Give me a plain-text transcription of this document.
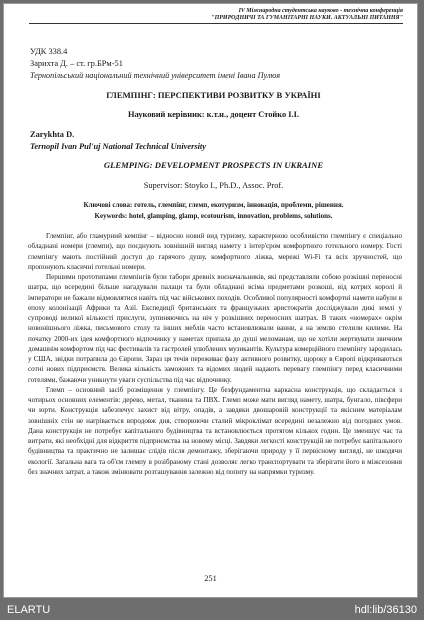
IV Міжнародна студентська науково - технічна конференція
"ПРИРОДНИЧІ ТА ГУМАНІТАРНІ НАУКИ. АКТУАЛЬНІ ПИТАННЯ"
УДК 338.4
Зарихта Д. – ст. гр.БРм-51
Тернопільський національний технічний університет імені Івана Пулюя
ГЛЕМПІНГ: ПЕРСПЕКТИВИ РОЗВИТКУ В УКРАЇНІ
Науковий керівник: к.т.н., доцент Стойко І.І.
Zarykhta D.
Ternopil Ivan Pul'uj National Technical University
GLEMPING: DEVELOPMENT PROSPECTS IN UKRAINE
Supervisor: Stoyko I., Ph.D., Assoc. Prof.
Ключові слова: готель, глемпінг, глемп, екотуризм, інновація, проблеми, рішення.
Keywords: hotel, glamping, glamp, ecotourism, innovation, problems, solutions.

Глемпінг, або гламурний кемпінг – відносно новий вид туризму, характерною особливістю глемпінгу є спеціально обладнані номери (глемпи), що поєднують зовнішній вигляд намету з інтер'єром комфортного готельного номеру. Гості глемпінгу мають постійний доступ до гарячого душу, комфортного ліжка, мережі Wi-Fi та всіх зручностей, що пропонують класичні готельні номери.

Першими прототипами глемпінгів були табори древніх воєначальників, які представляли собою розкішні переносні шатра, що всередині більше нагадували палаци та були обладнані всіма предметами розкоші, від котрих королі й імператори не бажали відмовлятися навіть під час військових походів. Особливої популярності комфортні намети набули в епоху колонізації Африки та Азії. Експедиції британських та французьких аристократів досліджували дикі землі у супроводі великої кількості прислуги, зупиняючись на ніч у розкішних переносних шатрах. В таких «номерах» окрім новонішнього ліжка, письмового столу та інших меблів часто встановлювали ванни, а на землю стелили килими. На початку 2000-их ідея комфортного відпочинку у наметах припала до душі меломанам, що не хотіли жертвувати звичним домашнім комфортом під час фестивалів та гастролей улюблених музикантів. Культура комерційного глемпінгу зародилась у США, звідки потрапила до Європи. Зараз ця течія переживає фазу активного розвитку, щороку в Європі відкриваються сотні нових підприємств. Велика кількість заможних та відомих людей надають перевагу глемпінгу перед класичними готелями, бажаючи уникнути уваги суспільства під час відпочинку.

Глемп – основний засіб розміщення у глемпінгу. Це безфундаментна каркасна конструкція, що складається з чотирьох основних елементів: дерево, метал, тканина та ПВХ. Глемп може мати вигляд намету, шатра, бунгало, півсфери чи юрти. Конструкція забезпечує захист від вітру, опадів, а завдяки двошаровій конструкції та якісним матеріалам зовнішніх стін не нагрівається впродовж дня, створюючи сталий мікроклімат всередині незалежно від погодних умов. Дана конструкція не потребує капітального будівництва та встановлюється протягом кількох годин. Це зменшує час та витрати, які необхідні для відкриття підприємства на новому місці. Завдяки легкості конструкцій не потребує капітального будівництва та практично не залишає слідів після демонтажу, зберігаючи природу у її первісному вигляді, не шкодячи екології. Загальна вага та об'єм глемпу в розібраному стані дозволяє легко транспортувати та зберігати його в міжсезоння без значних затрат, а також змінювати розташування залежно від попиту на напрямки туризму.

251
ELARTU	hdl:lib/36130
